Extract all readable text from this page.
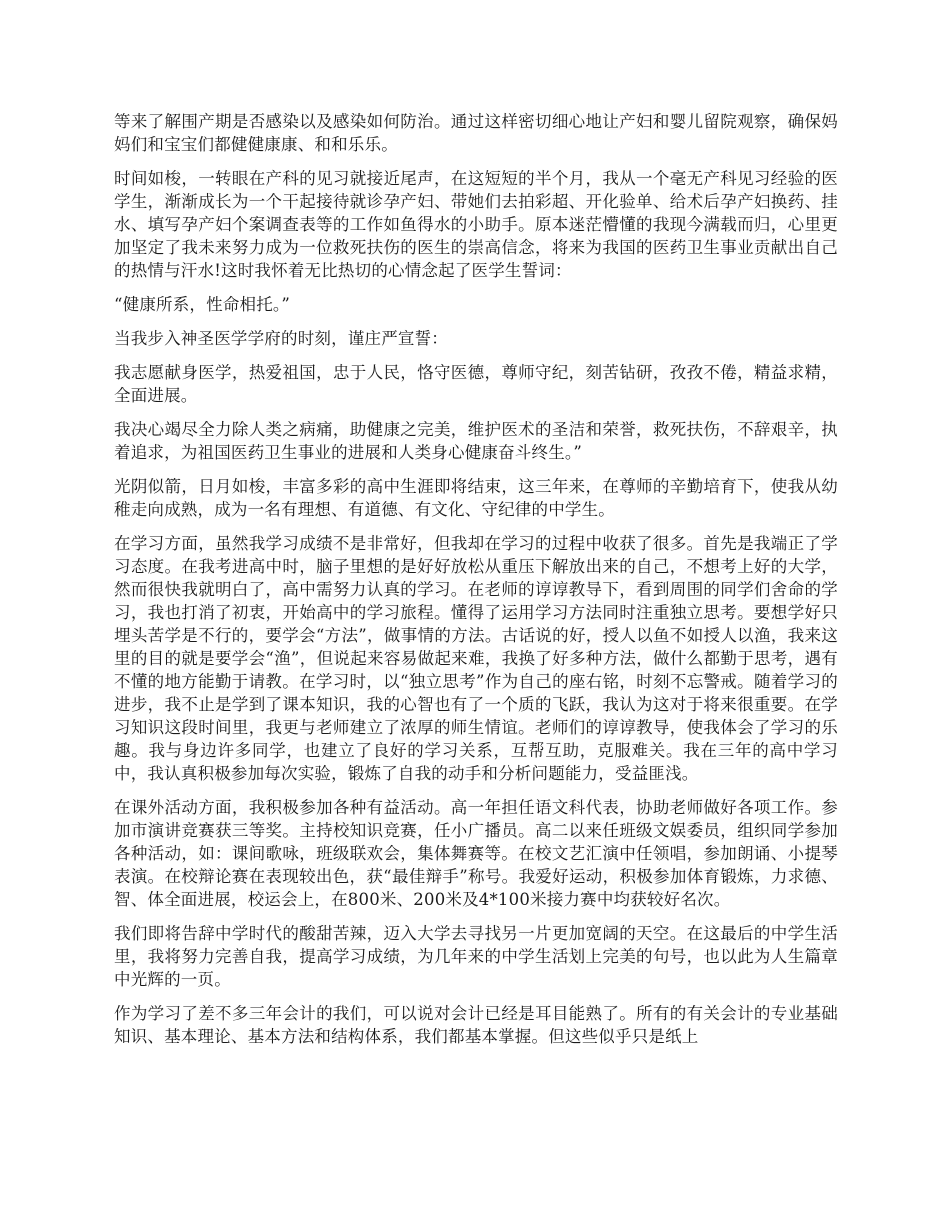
等来了解围产期是否感染以及感染如何防治。通过这样密切细心地让产妇和婴儿留院观察，确保妈妈们和宝宝们都健健康康、和和乐乐。

时间如梭，一转眼在产科的见习就接近尾声，在这短短的半个月，我从一个毫无产科见习经验的医学生，渐渐成长为一个干起接待就诊孕产妇、带她们去拍彩超、开化验单、给术后孕产妇换药、挂水、填写孕产妇个案调查表等的工作如鱼得水的小助手。原本迷茫懵懂的我现今满载而归，心里更加坚定了我未来努力成为一位救死扶伤的医生的崇高信念，将来为我国的医药卫生事业贡献出自己的热情与汗水!这时我怀着无比热切的心情念起了医学生誓词：

“健康所系，性命相托。”

当我步入神圣医学学府的时刻，谨庄严宣誓：

我志愿献身医学，热爱祖国，忠于人民，恪守医德，尊师守纪，刻苦钻研，孜孜不倦，精益求精，全面进展。

我决心竭尽全力除人类之病痛，助健康之完美，维护医术的圣洁和荣誉，救死扶伤，不辞艰辛，执着追求，为祖国医药卫生事业的进展和人类身心健康奋斗终生。”

光阴似箭，日月如梭，丰富多彩的高中生涯即将结束，这三年来，在尊师的辛勤培育下，使我从幼稚走向成熟，成为一名有理想、有道德、有文化、守纪律的中学生。

在学习方面，虽然我学习成绩不是非常好，但我却在学习的过程中收获了很多。首先是我端正了学习态度。在我考进高中时，脑子里想的是好好放松从重压下解放出来的自己，不想考上好的大学，然而很快我就明白了，高中需努力认真的学习。在老师的谆谆教导下，看到周围的同学们舍命的学习，我也打消了初衷，开始高中的学习旅程。懂得了运用学习方法同时注重独立思考。要想学好只埋头苦学是不行的，要学会“方法”，做事情的方法。古话说的好，授人以鱼不如授人以渔，我来这里的目的就是要学会“渔”，但说起来容易做起来难，我换了好多种方法，做什么都勤于思考，遇有不懂的地方能勤于请教。在学习时，以“独立思考”作为自己的座右铭，时刻不忘警戒。随着学习的进步，我不止是学到了课本知识，我的心智也有了一个质的飞跃，我认为这对于将来很重要。在学习知识这段时间里，我更与老师建立了浓厚的师生情谊。老师们的谆谆教导，使我体会了学习的乐趣。我与身边许多同学，也建立了良好的学习关系，互帮互助，克服难关。我在三年的高中学习中，我认真积极参加每次实验，锻炼了自我的动手和分析问题能力，受益匪浅。

在课外活动方面，我积极参加各种有益活动。高一年担任语文科代表，协助老师做好各项工作。参加市演讲竞赛获三等奖。主持校知识竞赛，任小广播员。高二以来任班级文娱委员，组织同学参加各种活动，如：课间歌咏，班级联欢会，集体舞赛等。在校文艺汇演中任领唱，参加朗诵、小提琴表演。在校辩论赛在表现较出色，获“最佳辩手”称号。我爱好运动，积极参加体育锻炼，力求德、智、体全面进展，校运会上，在800米、200米及4*100米接力赛中均获较好名次。

我们即将告辞中学时代的酸甜苦辣，迈入大学去寻找另一片更加宽阔的天空。在这最后的中学生活里，我将努力完善自我，提高学习成绩，为几年来的中学生活划上完美的句号，也以此为人生篇章中光辉的一页。

作为学习了差不多三年会计的我们，可以说对会计已经是耳目能熟了。所有的有关会计的专业基础知识、基本理论、基本方法和结构体系，我们都基本掌握。但这些似乎只是纸上
